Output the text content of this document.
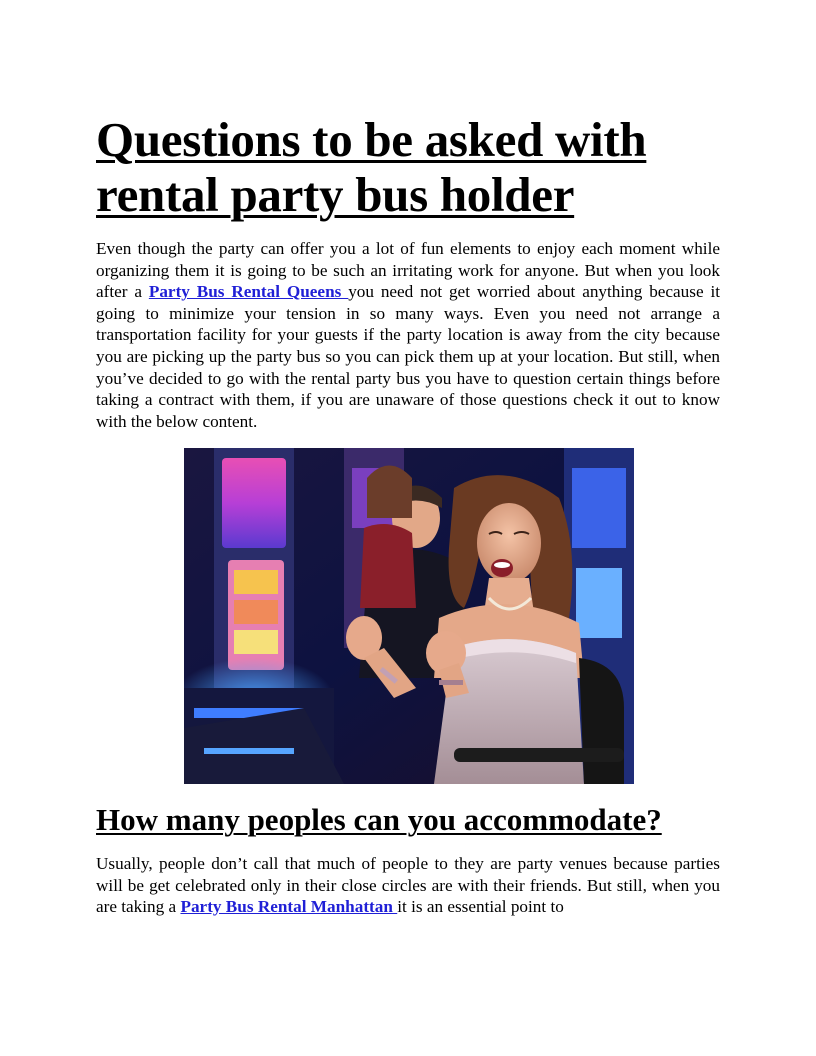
Questions to be asked with rental party bus holder

Even though the party can offer you a lot of fun elements to enjoy each moment while organizing them it is going to be such an irritating work for anyone. But when you look after a Party Bus Rental Queens you need not get worried about anything because it going to minimize your tension in so many ways. Even you need not arrange a transportation facility for your guests if the party location is away from the city because you are picking up the party bus so you can pick them up at your location. But still, when you’ve decided to go with the rental party bus you have to question certain things before taking a contract with them, if you are unaware of those questions check it out to know with the below content.

How many peoples can you accommodate?

Usually, people don’t call that much of people to they are party venues because parties will be get celebrated only in their close circles are with their friends. But still, when you are taking a Party Bus Rental Manhattan it is an essential point to
